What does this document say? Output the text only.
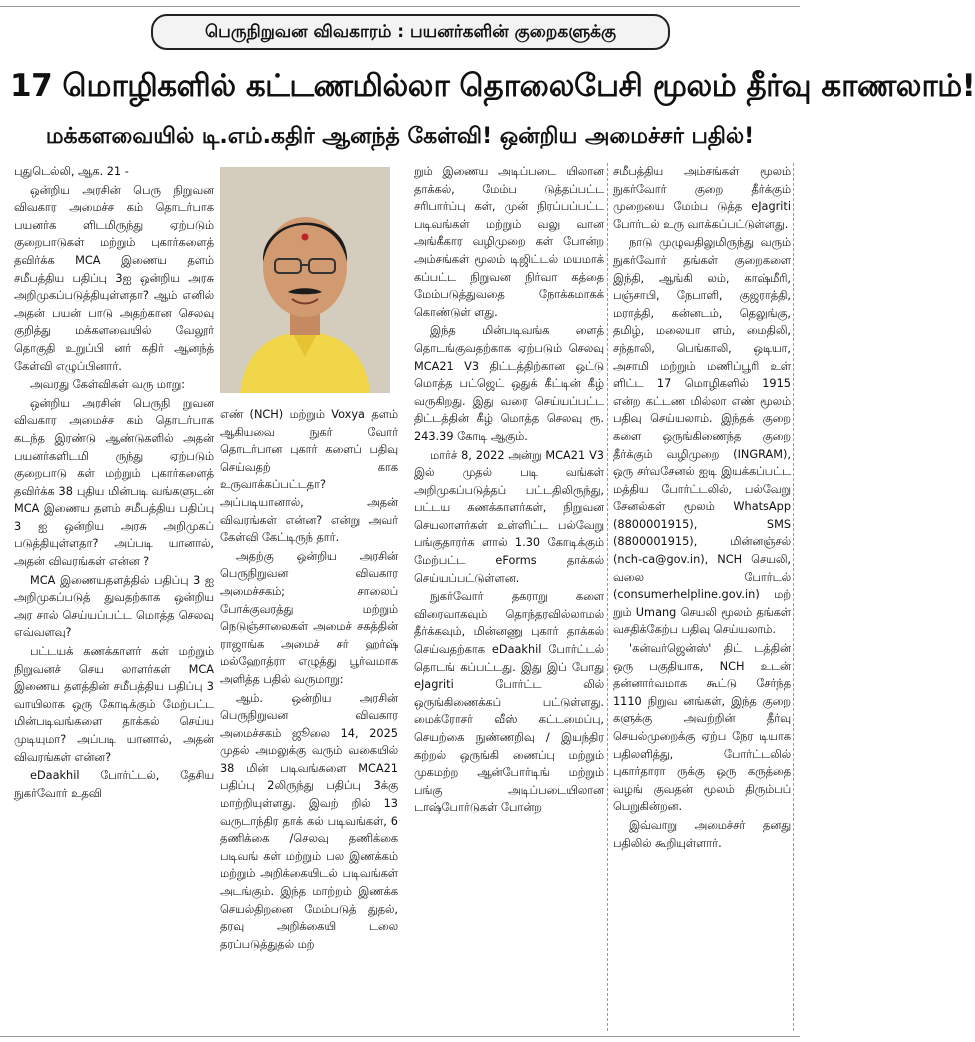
பெருநிறுவன விவகாரம் : பயனர்களின் குறைகளுக்கு
17 மொழிகளில் கட்டணமில்லா தொலைபேசி மூலம் தீர்வு காணலாம்!
மக்களவையில் டி.எம்.கதிர் ஆனந்த் கேள்வி! ஒன்றிய அமைச்சர் பதில்!

புதுடெல்லி, ஆக. 21 -

ஒன்றிய அரசின் பெரு நிறுவன விவகார அமைச்ச கம் தொடர்பாக பயனர்க ளிடமிருந்து ஏற்படும் குறைபாடுகள் மற்றும் புகார்களைத் தவிர்க்க MCA இணைய தளம் சமீபத்திய பதிப்பு 3ஐ ஒன்றிய அரசு அறிமுகப்படுத்தியுள்ளதா? ஆம் எனில் அதன் பயன் பாடு அதற்கான செலவு குறித்து மக்களவையில் வேலூர் தொகுதி உறுப்பி னர் கதிர் ஆனந்த் கேள்வி எழுப்பினார்.

அவரது கேள்விகள் வரு மாறு:

ஒன்றிய அரசின் பெருநி றுவன விவகார அமைச்ச கம் தொடர்பாக கடந்த இரண்டு ஆண்டுகளில் அதன் பயனர்களிடமி ருந்து ஏற்படும் குறைபாடு கள் மற்றும் புகார்களைத் தவிர்க்க 38 புதிய மின்படி வங்களுடன் MCA இணைய தளம் சமீபத்திய பதிப்பு 3 ஐ ஒன்றிய அரசு அறிமுகப் படுத்தியுள்ளதா? அப்படி யானால், அதன் விவரங்கள் என்ன ?

MCA இணையதளத்தில் பதிப்பு 3 ஐ அறிமுகப்படுத் துவதற்காக ஒன்றிய அர சால் செய்யப்பட்ட மொத்த செலவு எவ்வளவு?

பட்டயக் கணக்காளர் கள் மற்றும் நிறுவனச் செய லாளர்கள் MCA இணைய தளத்தின் சமீபத்திய பதிப்பு 3 வாயிலாக ஒரு கோடிக்கும் மேற்பட்ட மின்படிவங்களை தாக்கல் செய்ய முடியுமா? அப்படி யானால், அதன் விவரங்கள் என்ன?

eDaakhil போர்ட்டல், தேசிய நுகர்வோர் உதவி

எண் (NCH) மற்றும் Voxya தளம் ஆகியவை நுகர் வோர் தொடர்பான புகார் களைப் பதிவு செய்வதற் காக உருவாக்கப்பட்டதா? அப்படியானால், அதன் விவரங்கள் என்ன? என்று அவர் கேள்வி கேட்டிருந் தார்.

அதற்கு ஒன்றிய அரசின் பெருநிறுவன விவகார அமைச்சகம்; சாலைப் போக்குவரத்து மற்றும் நெடுஞ்சாலைகள் அமைச் சகத்தின் ராஜாங்க அமைச் சர் ஹர்ஷ் மல்ஹோத்ரா எழுத்து பூர்வமாக அளித்த பதில் வருமாறு:

ஆம். ஒன்றிய அரசின் பெருநிறுவன விவகார அமைச்சகம் ஜூலை 14, 2025 முதல் அமலுக்கு வரும் வகையில் 38 மின் படிவங்களை MCA21 பதிப்பு 2லிருந்து பதிப்பு 3க்கு மாற்றியுள்ளது. இவற் றில் 13 வருடாந்திர தாக் கல் படிவங்கள், 6 தணிக்கை /செலவு தணிக்கை படிவங் கள் மற்றும் பல இணக்கம் மற்றும் அறிக்கையிடல் படிவங்கள் அடங்கும். இந்த மாற்றம் இணக்க செயல்திறனை மேம்படுத் துதல், தரவு அறிக்கையி டலை தரப்படுத்துதல் மற்

றும் இணைய அடிப்படை யிலான தாக்கல், மேம்ப டுத்தப்பட்ட சரிபார்ப்பு கள், முன் நிரப்பப்பட்ட படிவங்கள் மற்றும் வலு வான அங்கீகார வழிமுறை கள் போன்ற அம்சங்கள் மூலம் டிஜிட்டல் மயமாக் கப்பட்ட நிறுவன நிர்வா கத்தை மேம்படுத்துவதை நோக்கமாகக் கொண்டுள் ளது.

இந்த மின்படிவங்க ளைத் தொடங்குவதற்காக ஏற்படும் செலவு MCA21 V3 திட்டத்திற்கான ஒட்டு மொத்த பட்ஜெட் ஒதுக் கீட்டின் கீழ் வருகிறது. இது வரை செய்யப்பட்ட திட்டத்தின் கீழ் மொத்த செலவு ரூ. 243.39 கோடி ஆகும்.

மார்ச் 8, 2022 அன்று MCA21 V3 இல் முதல் படி வங்கள் அறிமுகப்படுத்தப் பட்டதிலிருந்து, பட்டய கணக்காளர்கள், நிறுவன செயலாளர்கள் உள்ளிட்ட பல்வேறு பங்குதாரர்க ளால் 1.30 கோடிக்கும் மேற்பட்ட eForms தாக்கல் செய்யப்பட்டுள்ளன.

நுகர்வோர் தகராறு களை விரைவாகவும் தொந்தரவில்லாமல் தீர்க்கவும், மின்னணு புகார் தாக்கல் செய்வதற்காக eDaakhil போர்ட்டல் தொடங் கப்பட்டது. இது இப் போது eJagriti போர்ட்ட லில் ஒருங்கிணைக்கப் பட்டுள்ளது. மைக்ரோசர் வீஸ் கட்டமைப்பு, செயற்கை நுண்ணறிவு / இயந்திர கற்றல் ஒருங்கி ணைப்பு மற்றும் முகமற்ற ஆன்போர்டிங் மற்றும் பங்கு அடிப்படையிலான டாஷ்போர்டுகள் போன்ற

சமீபத்திய அம்சங்கள் மூலம் நுகர்வோர் குறை தீர்க்கும் முறையை மேம்ப டுத்த eJagriti போர்டல் உரு வாக்கப்பட்டுள்ளது.

நாடு முழுவதிலுமிருந்து வரும் நுகர்வோர் தங்கள் குறைகளை இந்தி, ஆங்கி லம், காஷ்மீரி, பஞ்சாபி, நேபாளி, குஜராத்தி, மராத்தி, கன்னடம், தெலுங்கு, தமிழ், மலையா ளம், மைதிலி, சந்தாலி, பெங்காலி, ஒடியா, அசாமி மற்றும் மணிப்பூரி உள் ளிட்ட 17 மொழிகளில் 1915 என்ற கட்டண மில்லா எண் மூலம் பதிவு செய்யலாம். இந்தக் குறை களை ஒருங்கிணைந்த குறை தீர்க்கும் வழிமுறை (INGRAM), ஒரு சர்வசேனல் ஐடி இயக்கப்பட்ட மத்திய போர்ட்டலில், பல்வேறு சேனல்கள் மூலம் WhatsApp (8800001915), SMS (8800001915), மின்னஞ்சல் (nch-ca@gov.in), NCH செயலி, வலை போர்டல் (consumerhelpline.gov.in) மற் றும் Umang செயலி மூலம் தங்கள் வசதிக்கேற்ப பதிவு செய்யலாம்.

'கன்வர்ஜென்ஸ்' திட் டத்தின் ஒரு பகுதியாக, NCH உடன் தன்னார்வமாக கூட்டு சேர்ந்த 1110 நிறுவ னங்கள், இந்த குறை களுக்கு அவற்றின் தீர்வு செயல்முறைக்கு ஏற்ப நேர டியாக பதிலளித்து, போர்ட்டலில் புகார்தாரா ருக்கு ஒரு கருத்தை வழங் குவதன் மூலம் திரும்பப் பெறுகின்றன.

இவ்வாறு அமைச்சர் தனது பதிலில் கூறியுள்ளார்.
